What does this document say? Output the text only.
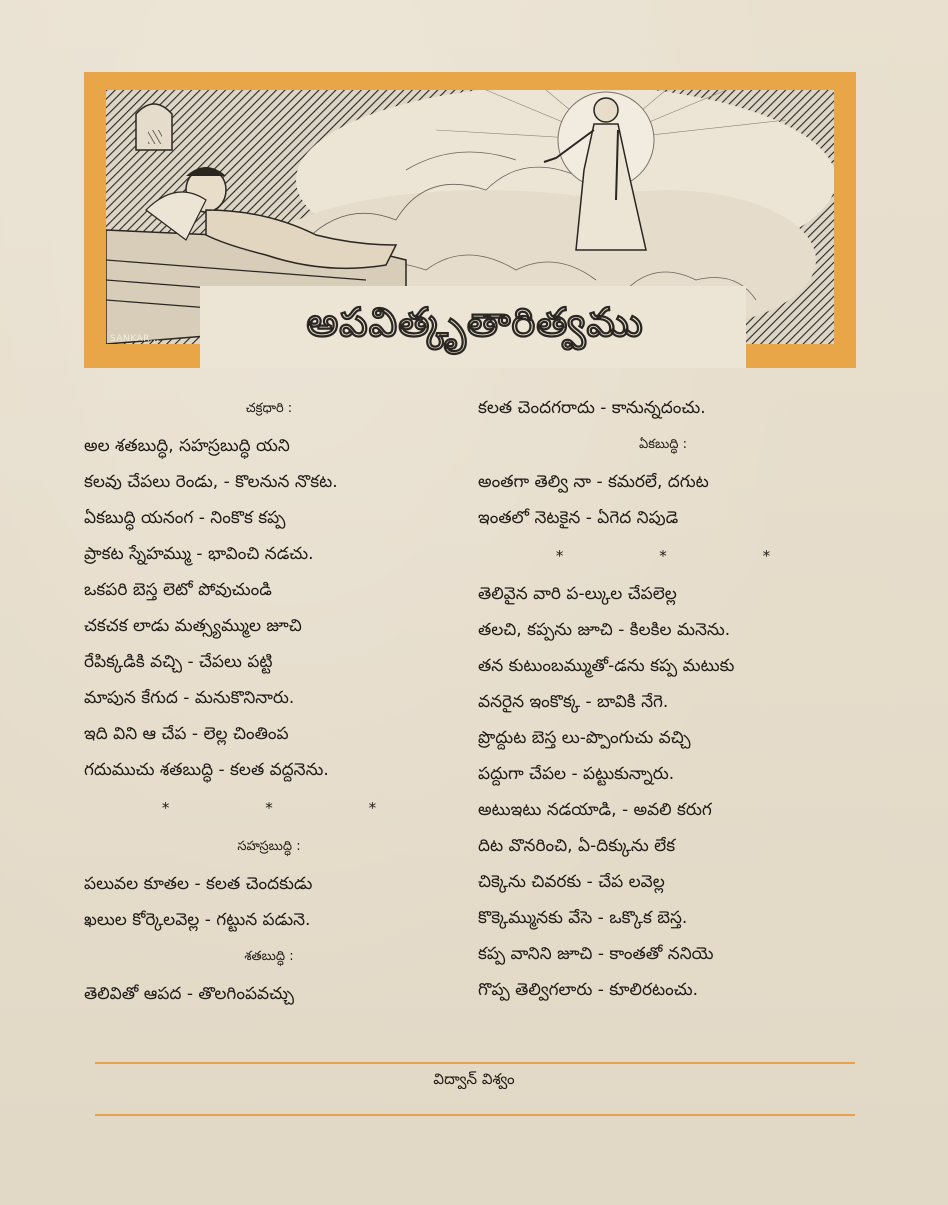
అపవిత్కృతారిత్వము
SANKAR...
చక్రధారి :
అల శతబుద్ధి, సహస్రబుద్ధి యని
కలవు చేపలు రెండు, - కొలనున నొకట.
ఏకబుద్ధి యనంగ - నింకొక కప్ప
ప్రాకట స్నేహమ్ము - భావించి నడచు.
ఒకపరి బెస్త లెటో పోవుచుండి
చకచక లాడు మత్స్యమ్ముల జూచి
రేపిక్కడికి వచ్చి - చేపలు పట్టి
మాపున కేగుద - మనుకొనినారు.
ఇది విని ఆ చేప - లెల్ల చింతింప
గదుముచు శతబుద్ధి - కలత వద్దనెను.
*	*	*
సహస్రబుద్ధి :
పలువల కూతల - కలత చెందకుడు
ఖలుల కోర్కెలవెల్ల - గట్టున పడునె.
శతబుద్ధి :
తెలివితో ఆపద - తొలగింపవచ్చు
కలత చెందగరాదు - కానున్నదంచు.
ఏకబుద్ధి :
అంతగా తెల్వి నా - కమరలే, దగుట
ఇంతలో నెటకైన - ఏగెద నిపుడె
*	*	*
తెలివైన వారి ప-ల్కుల చేపలెల్ల
తలచి, కప్పను జూచి - కిలకిల మనెను.
తన కుటుంబమ్ముతో-డను కప్ప మటుకు
వనరైన ఇంకొక్క - బావికి నేగె.
ప్రొద్దుట బెస్త లు-ప్పొంగుచు వచ్చి
పద్దుగా చేపల - పట్టుకున్నారు.
అటుఇటు నడయాడి, - అవలి కరుగ
దిట వొనరించి, ఏ-దిక్కును లేక
చిక్కెను చివరకు - చేప లవెల్ల
కొక్కెమ్మునకు వేసె - ఒక్కొక బెస్త.
కప్ప వానిని జూచి - కాంతతో ననియె
గొప్ప తెల్విగలారు - కూలిరటంచు.
విద్వాన్ విశ్వం
